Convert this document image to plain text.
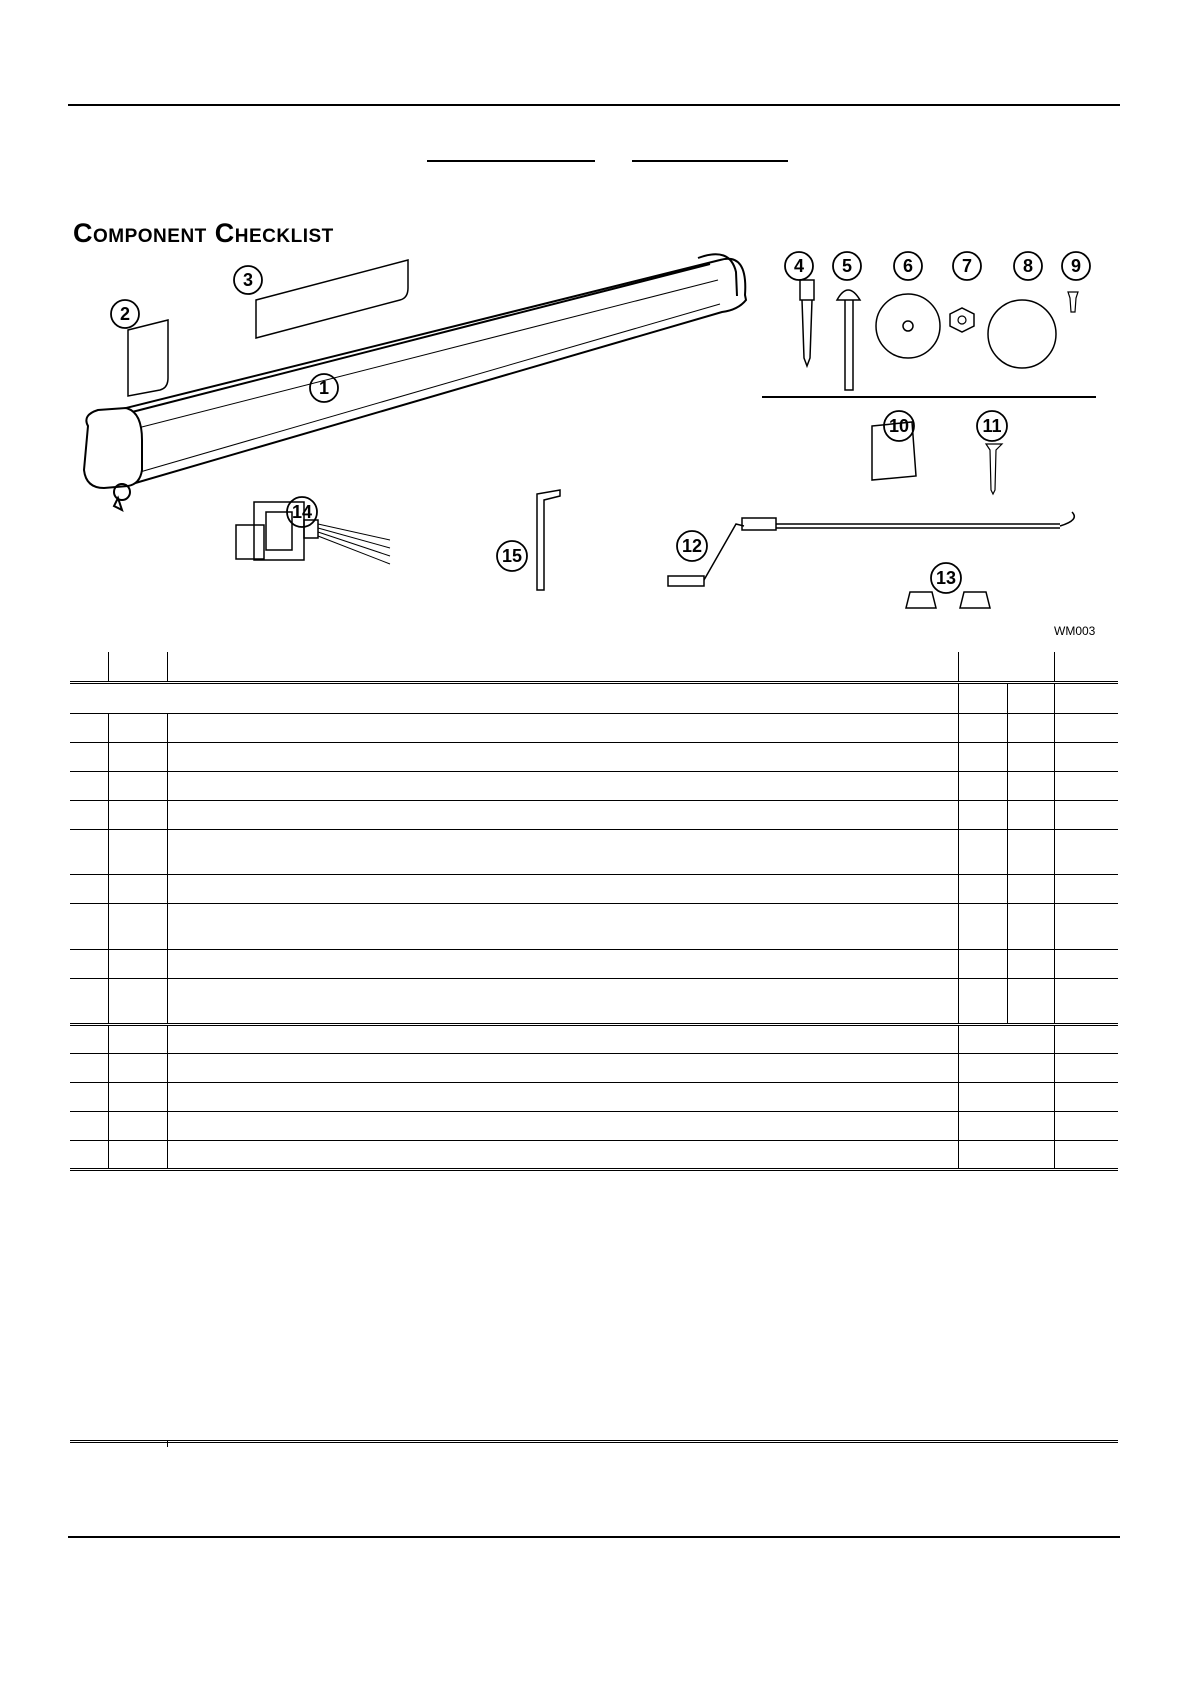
Component Checklist
1
2
3
4 5	6	7	8 9
10	11
12
13
14
15
WM003
